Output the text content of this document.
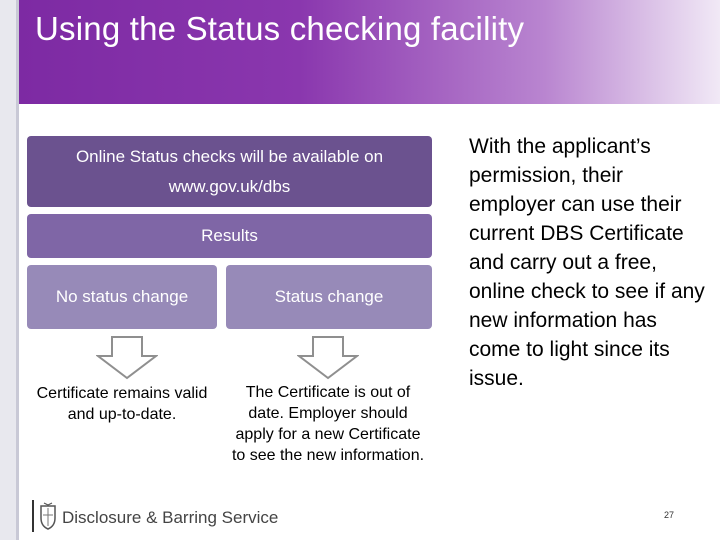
Using the Status checking facility
Online Status checks will be available on www.gov.uk/dbs
Results
No status change	Status change
Certificate remains valid and up-to-date.
The Certificate is out of date. Employer should apply for a new Certificate to see the new information.
With the applicant’s permission, their employer can use their current DBS Certificate and carry out a free, online check to see if any new information has come to light since its issue.
Disclosure & Barring Service	27
